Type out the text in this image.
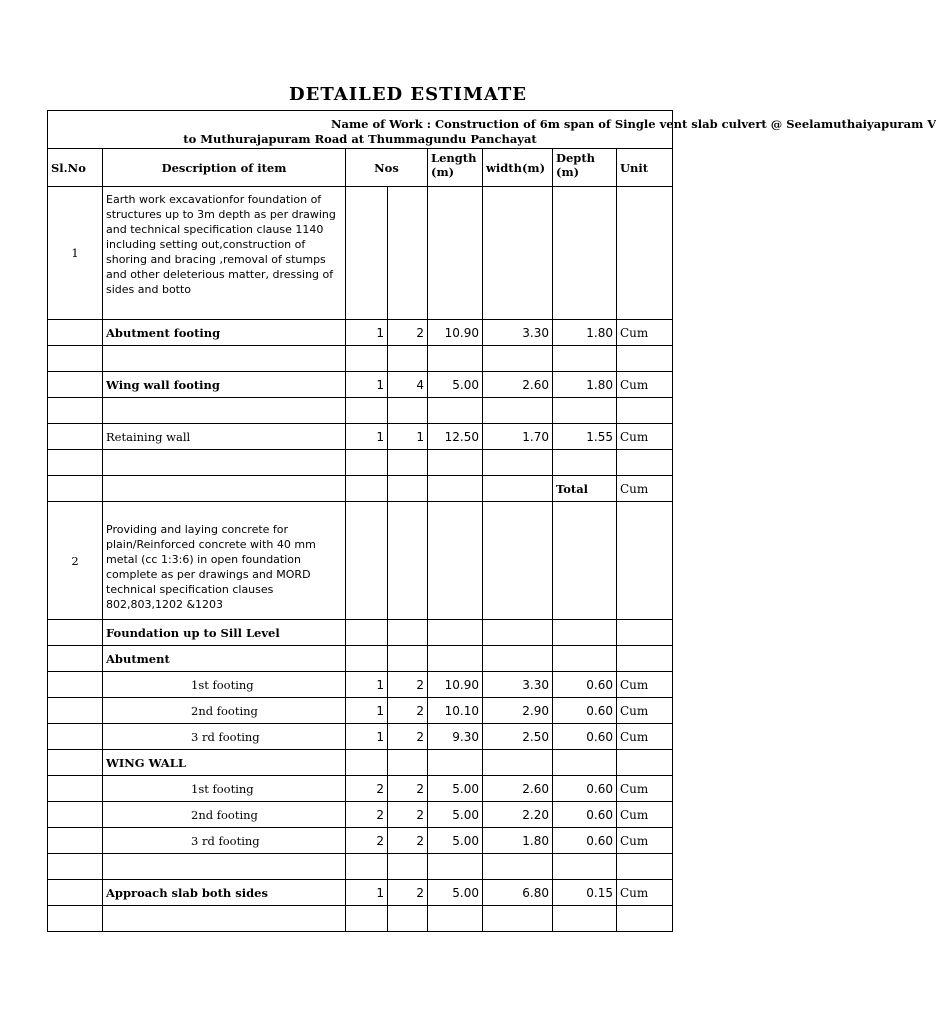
DETAILED ESTIMATE
Name of Work : Construction of 6m span of Single vent slab culvert @ Seelamuthaiyapuram V
to Muthurajapuram Road at Thummagundu Panchayat							
Sl.No	Description of item	Nos		Length (m)	width(m)	Depth (m)	Unit
1	Earth work excavationfor foundation of structures up to 3m depth as per drawing and technical specification clause 1140 including setting out,construction of shoring and bracing ,removal of stumps and other deleterious matter, dressing of sides and botto						
	Abutment footing	1	2	10.90	3.30	1.80	Cum

	Wing wall footing	1	4	5.00	2.60	1.80	Cum

	Retaining wall	1	1	12.50	1.70	1.55	Cum

						Total	Cum
2	Providing and laying concrete for plain/Reinforced concrete with 40 mm metal (cc 1:3:6) in open foundation complete as per drawings and MORD technical specification clauses 802,803,1202 &1203						
	Foundation up to Sill Level						
	Abutment						
	1st footing	1	2	10.90	3.30	0.60	Cum
	2nd footing	1	2	10.10	2.90	0.60	Cum
	3 rd footing	1	2	9.30	2.50	0.60	Cum
	WING WALL						
	1st footing	2	2	5.00	2.60	0.60	Cum
	2nd footing	2	2	5.00	2.20	0.60	Cum
	3 rd footing	2	2	5.00	1.80	0.60	Cum

	Approach slab both sides	1	2	5.00	6.80	0.15	Cum
